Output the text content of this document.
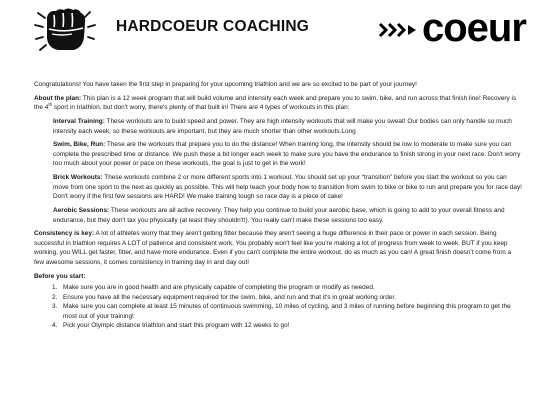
HARDCOEUR COACHING	coeur

Congratulations! You have taken the first step in preparing for your upcoming triathlon and we are so excited to be part of your journey!

About the plan: This plan is a 12 week program that will build volume and intensity each week and prepare you to swim, bike, and run across that finish line! Recovery is the 4th sport in triathlon, but don't worry, there's plenty of that built in! There are 4 types of workouts in this plan:

Interval Training: These workouts are to build speed and power. They are high intensity workouts that will make you sweat! Our bodies can only handle so much intensity each week, so these workouts are important, but they are much shorter than other workouts.Long

Swim, Bike, Run: These are the workouts that prepare you to do the distance! When training long, the intensity should be low to moderate to make sure you can complete the prescribed time or distance. We push these a bit longer each week to make sure you have the endurance to finish strong in your next race. Don't worry too much about your power or pace on these workouts, the goal is just to get in the work!

Brick Workouts: These workouts combine 2 or more different sports into 1 workout. You should set up your “transition” before you start the workout so you can move from one sport to the next as quickly as possible. This will help teach your body how to transition from swim to bike or bike to run and prepare you for race day! Don't worry if the first few sessions are HARD! We make training tough so race day is a piece of cake!

Aerobic Sessions: These workouts are all active recovery. They help you continue to build your aerobic base, which is going to add to your overall fitness and endurance, but they don't tax you physically (at least they shouldn't!). You really can't make these sessions too easy.

Consistency is key: A lot of athletes worry that they aren't getting fitter because they aren't seeing a huge difference in their pace or power in each session. Being successful in triathlon requires A LOT of patience and consistent work. You probably won't feel like you're making a lot of progress from week to week. BUT if you keep working, you WILL get faster, fitter, and have more endurance. Even if you can't complete the entire workout, do as much as you can! A great finish doesn't come from a few awesome sessions, it comes consistency in training day in and day out!

Before you start:

1. Make sure you are in good health and are physically capable of completing the program or modify as needed.
2. Ensure you have all the necessary equipment required for the swim, bike, and run and that it's in great working order.
3. Make sure you can complete at least 15 minutes of continuous swimming, 10 miles of cycling, and 3 miles of running before beginning this program to get the most out of your training!
4. Pick your Olympic distance triathlon and start this program with 12 weeks to go!
